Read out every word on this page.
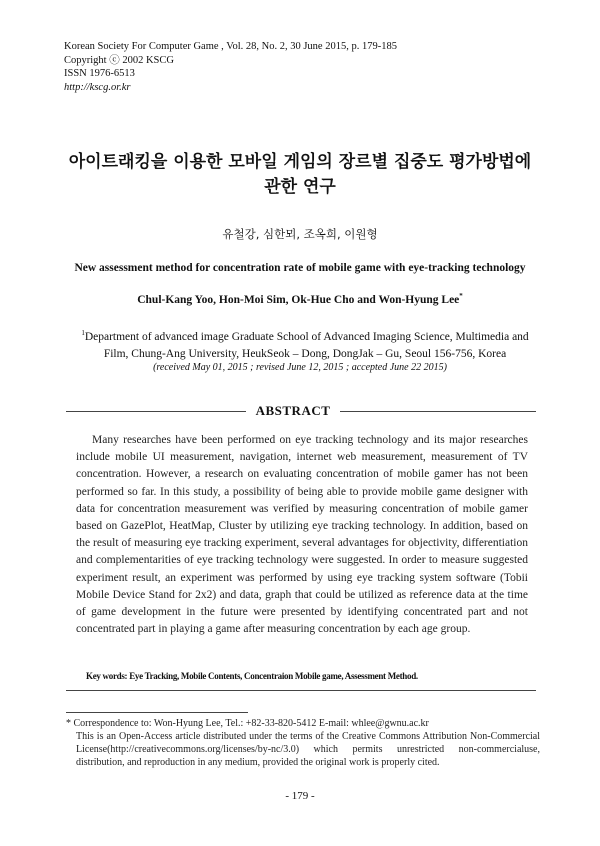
Korean Society For Computer Game , Vol. 28, No. 2, 30 June 2015, p. 179-185
Copyright ⓒ 2002 KSCG
ISSN 1976-6513
http://kscg.or.kr
아이트래킹을 이용한 모바일 게임의 장르별 집중도 평가방법에
관한 연구
유철강, 심한뫼, 조옥희, 이원형
New assessment method for concentration rate of mobile game with eye-tracking technology
Chul-Kang Yoo, Hon-Moi Sim, Ok-Hue Cho and Won-Hyung Lee*
$^1$Department of advanced image Graduate School of Advanced Imaging Science, Multimedia and
Film, Chung-Ang University, HeukSeok – Dong, DongJak – Gu, Seoul 156-756, Korea
(received May 01, 2015 ; revised June 12, 2015 ; accepted June 22 2015)
ABSTRACT
Many researches have been performed on eye tracking technology and its major researches include mobile UI measurement, navigation, internet web measurement, measurement of TV concentration. However, a research on evaluating concentration of mobile gamer has not been performed so far. In this study, a possibility of being able to provide mobile game designer with data for concentration measurement was verified by measuring concentration of mobile gamer based on GazePlot, HeatMap, Cluster by utilizing eye tracking technology. In addition, based on the result of measuring eye tracking experiment, several advantages for objectivity, differentiation and complementarities of eye tracking technology were suggested. In order to measure suggested experiment result, an experiment was performed by using eye tracking system software (Tobii Mobile Device Stand for 2x2) and data, graph that could be utilized as reference data at the time of game development in the future were presented by identifying concentrated part and not concentrated part in playing a game after measuring concentration by each age group.
Key words: Eye Tracking, Mobile Contents, Concentraion Mobile game, Assessment Method.
* Correspondence to: Won-Hyung Lee, Tel.: +82-33-820-5412 E-mail: whlee@gwnu.ac.kr
This is an Open-Access article distributed under the terms of the Creative Commons Attribution Non-Commercial License(http://creativecommons.org/licenses/by-nc/3.0) which permits unrestricted non-commercialuse, distribution, and reproduction in any medium, provided the original work is properly cited.
- 179 -
